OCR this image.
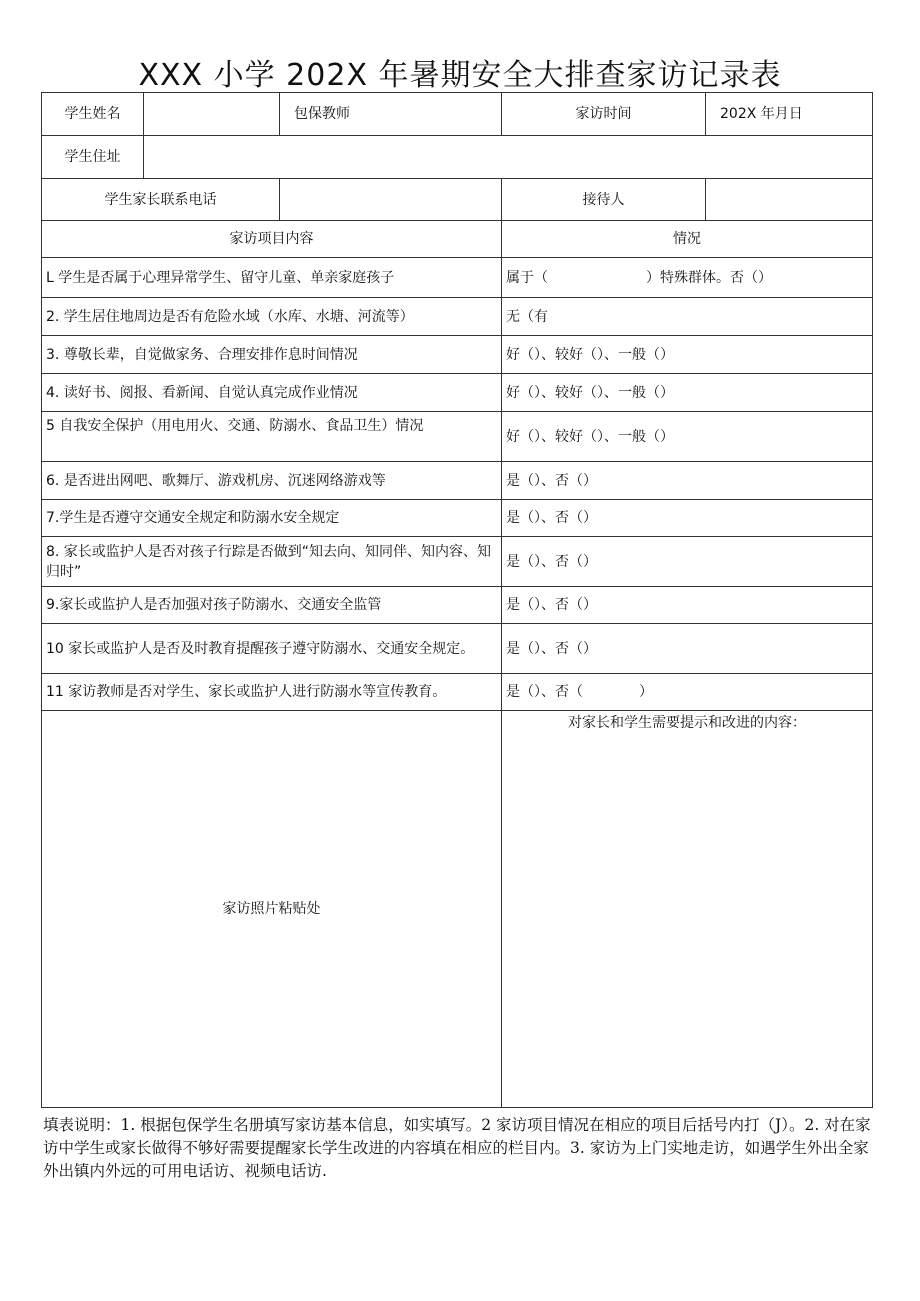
XXX 小学 202X 年暑期安全大排查家访记录表
学生姓名		包保教师	家访时间	202X 年月日
学生住址				
学生家长联系电话			接待人	
家访项目内容			情况	
L 学生是否属于心理异常学生、留守儿童、单亲家庭孩子			属于（　　　　　　　）特殊群体。否（）	
2. 学生居住地周边是否有危险水域（水库、水塘、河流等）			无（有	
3. 尊敬长辈，自觉做家务、合理安排作息时间情况			好（）、较好（）、一般（）	
4. 读好书、阅报、看新闻、自觉认真完成作业情况			好（）、较好（）、一般（）	
5 自我安全保护（用电用火、交通、防溺水、食品卫生）情况			好（）、较好（）、一般（）	
6. 是否进出网吧、歌舞厅、游戏机房、沉迷网络游戏等			是（）、否（）	
7.学生是否遵守交通安全规定和防溺水安全规定			是（）、否（）	
8. 家长或监护人是否对孩子行踪是否做到“知去向、知同伴、知内容、知归时”			是（）、否（）	
9.家长或监护人是否加强对孩子防溺水、交通安全监管			是（）、否（）	
10 家长或监护人是否及时教育提醒孩子遵守防溺水、交通安全规定。			是（）、否（）	
11 家访教师是否对学生、家长或监护人进行防溺水等宣传教育。			是（）、否（　　　　）	
家访照片粘贴处			对家长和学生需要提示和改进的内容：	
填表说明：1. 根据包保学生名册填写家访基本信息，如实填写。2 家访项目情况在相应的项目后括号内打（J）。2. 对在家访中学生或家长做得不够好需要提醒家长学生改进的内容填在相应的栏目内。3. 家访为上门实地走访，如遇学生外出全家外出镇内外远的可用电话访、视频电话访.
